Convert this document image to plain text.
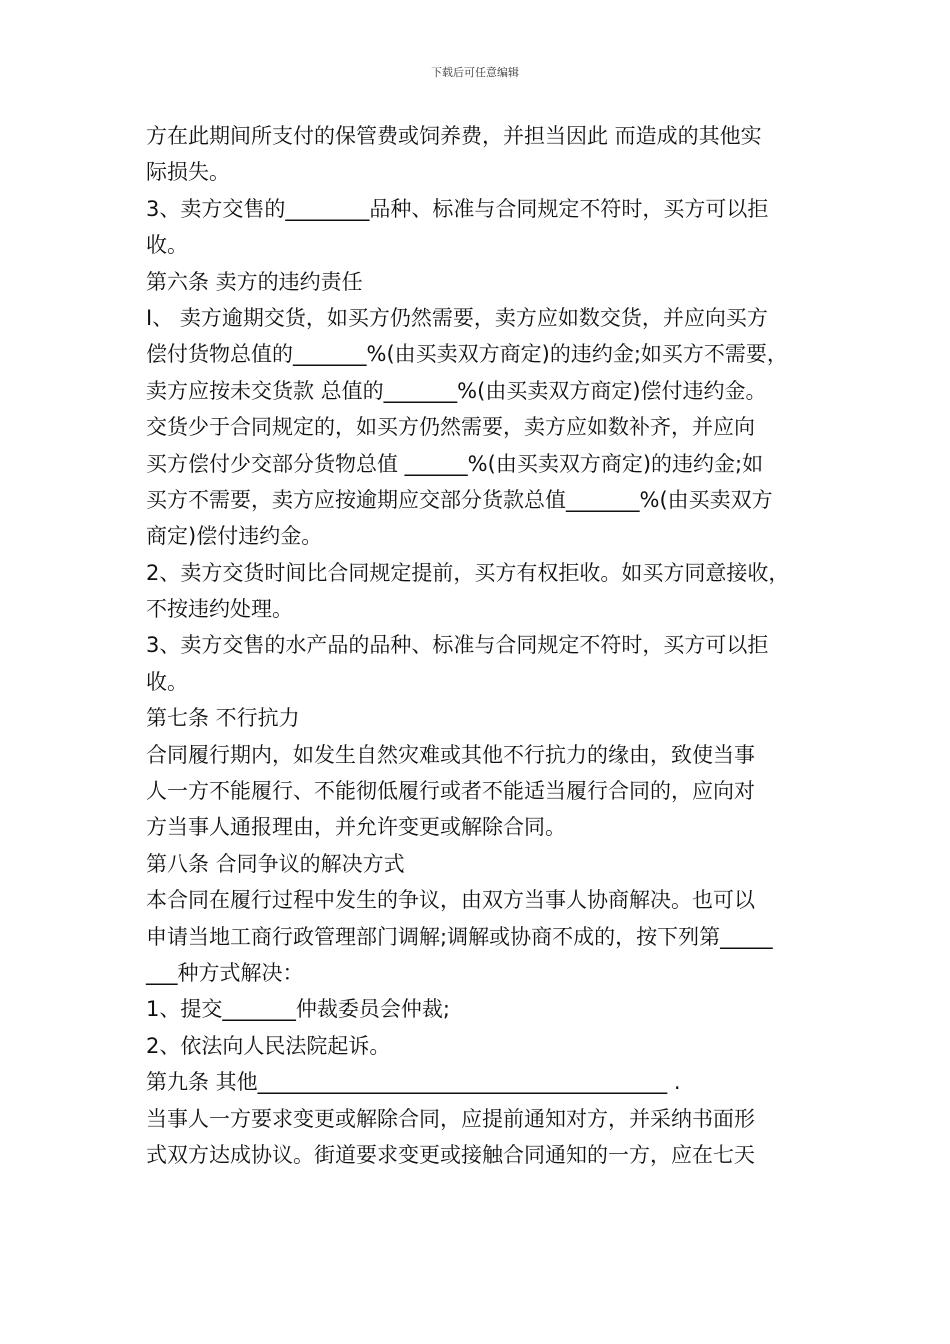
下载后可任意编辑
方在此期间所支付的保管费或饲养费，并担当因此 而造成的其他实
际损失。
3、卖方交售的________品种、标准与合同规定不符时，买方可以拒
收。
第六条 卖方的违约责任
I、 卖方逾期交货，如买方仍然需要，卖方应如数交货，并应向买方
偿付货物总值的_______%(由买卖双方商定)的违约金;如买方不需要，
卖方应按未交货款 总值的_______%(由买卖双方商定)偿付违约金。
交货少于合同规定的，如买方仍然需要，卖方应如数补齐，并应向
买方偿付少交部分货物总值 ______%(由买卖双方商定)的违约金;如
买方不需要，卖方应按逾期应交部分货款总值_______%(由买卖双方
商定)偿付违约金。
2、卖方交货时间比合同规定提前，买方有权拒收。如买方同意接收，
不按违约处理。
3、卖方交售的水产品的品种、标准与合同规定不符时，买方可以拒
收。
第七条 不行抗力
合同履行期内，如发生自然灾难或其他不行抗力的缘由，致使当事
人一方不能履行、不能彻低履行或者不能适当履行合同的，应向对
方当事人通报理由，并允许变更或解除合同。
第八条 合同争议的解决方式
本合同在履行过程中发生的争议，由双方当事人协商解决。也可以
申请当地工商行政管理部门调解;调解或协商不成的，按下列第_____
___种方式解决：
1、提交_______仲裁委员会仲裁;
2、依法向人民法院起诉。
第九条 其他_______________________________________ .
当事人一方要求变更或解除合同，应提前通知对方，并采纳书面形
式双方达成协议。街道要求变更或接触合同通知的一方，应在七天
